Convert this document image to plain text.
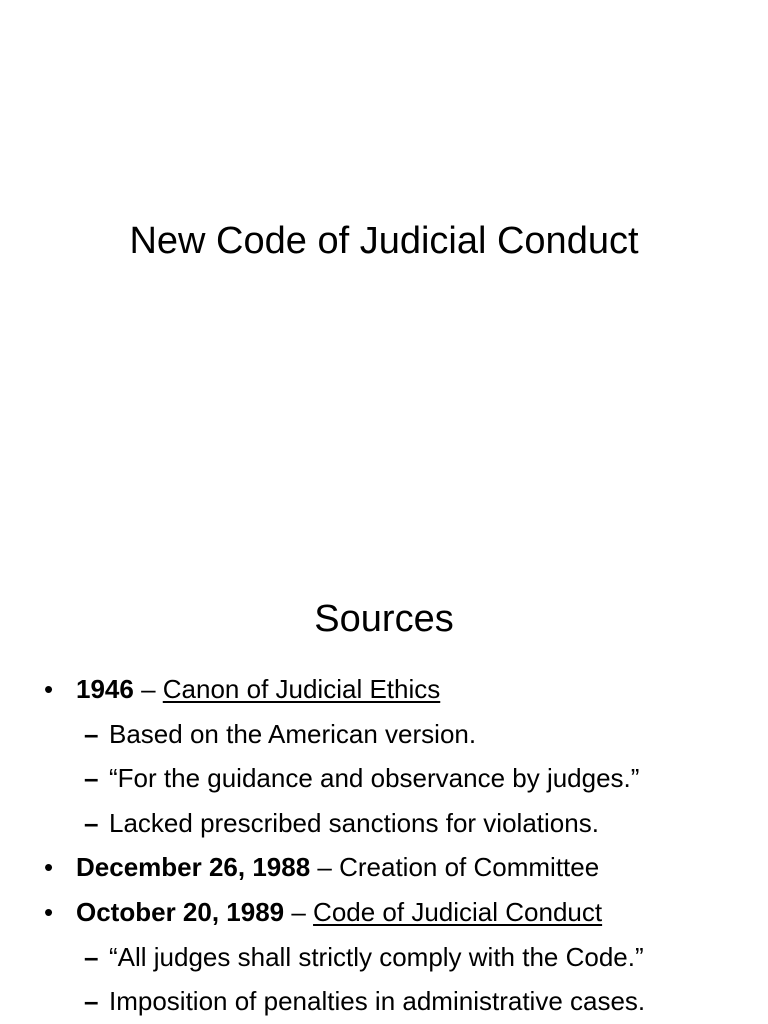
New Code of Judicial Conduct
Sources
• 1946 – Canon of Judicial Ethics
– Based on the American version.
– “For the guidance and observance by judges.”
– Lacked prescribed sanctions for violations.
• December 26, 1988 – Creation of Committee
• October 20, 1989 – Code of Judicial Conduct
– “All judges shall strictly comply with the Code.”
– Imposition of penalties in administrative cases.
